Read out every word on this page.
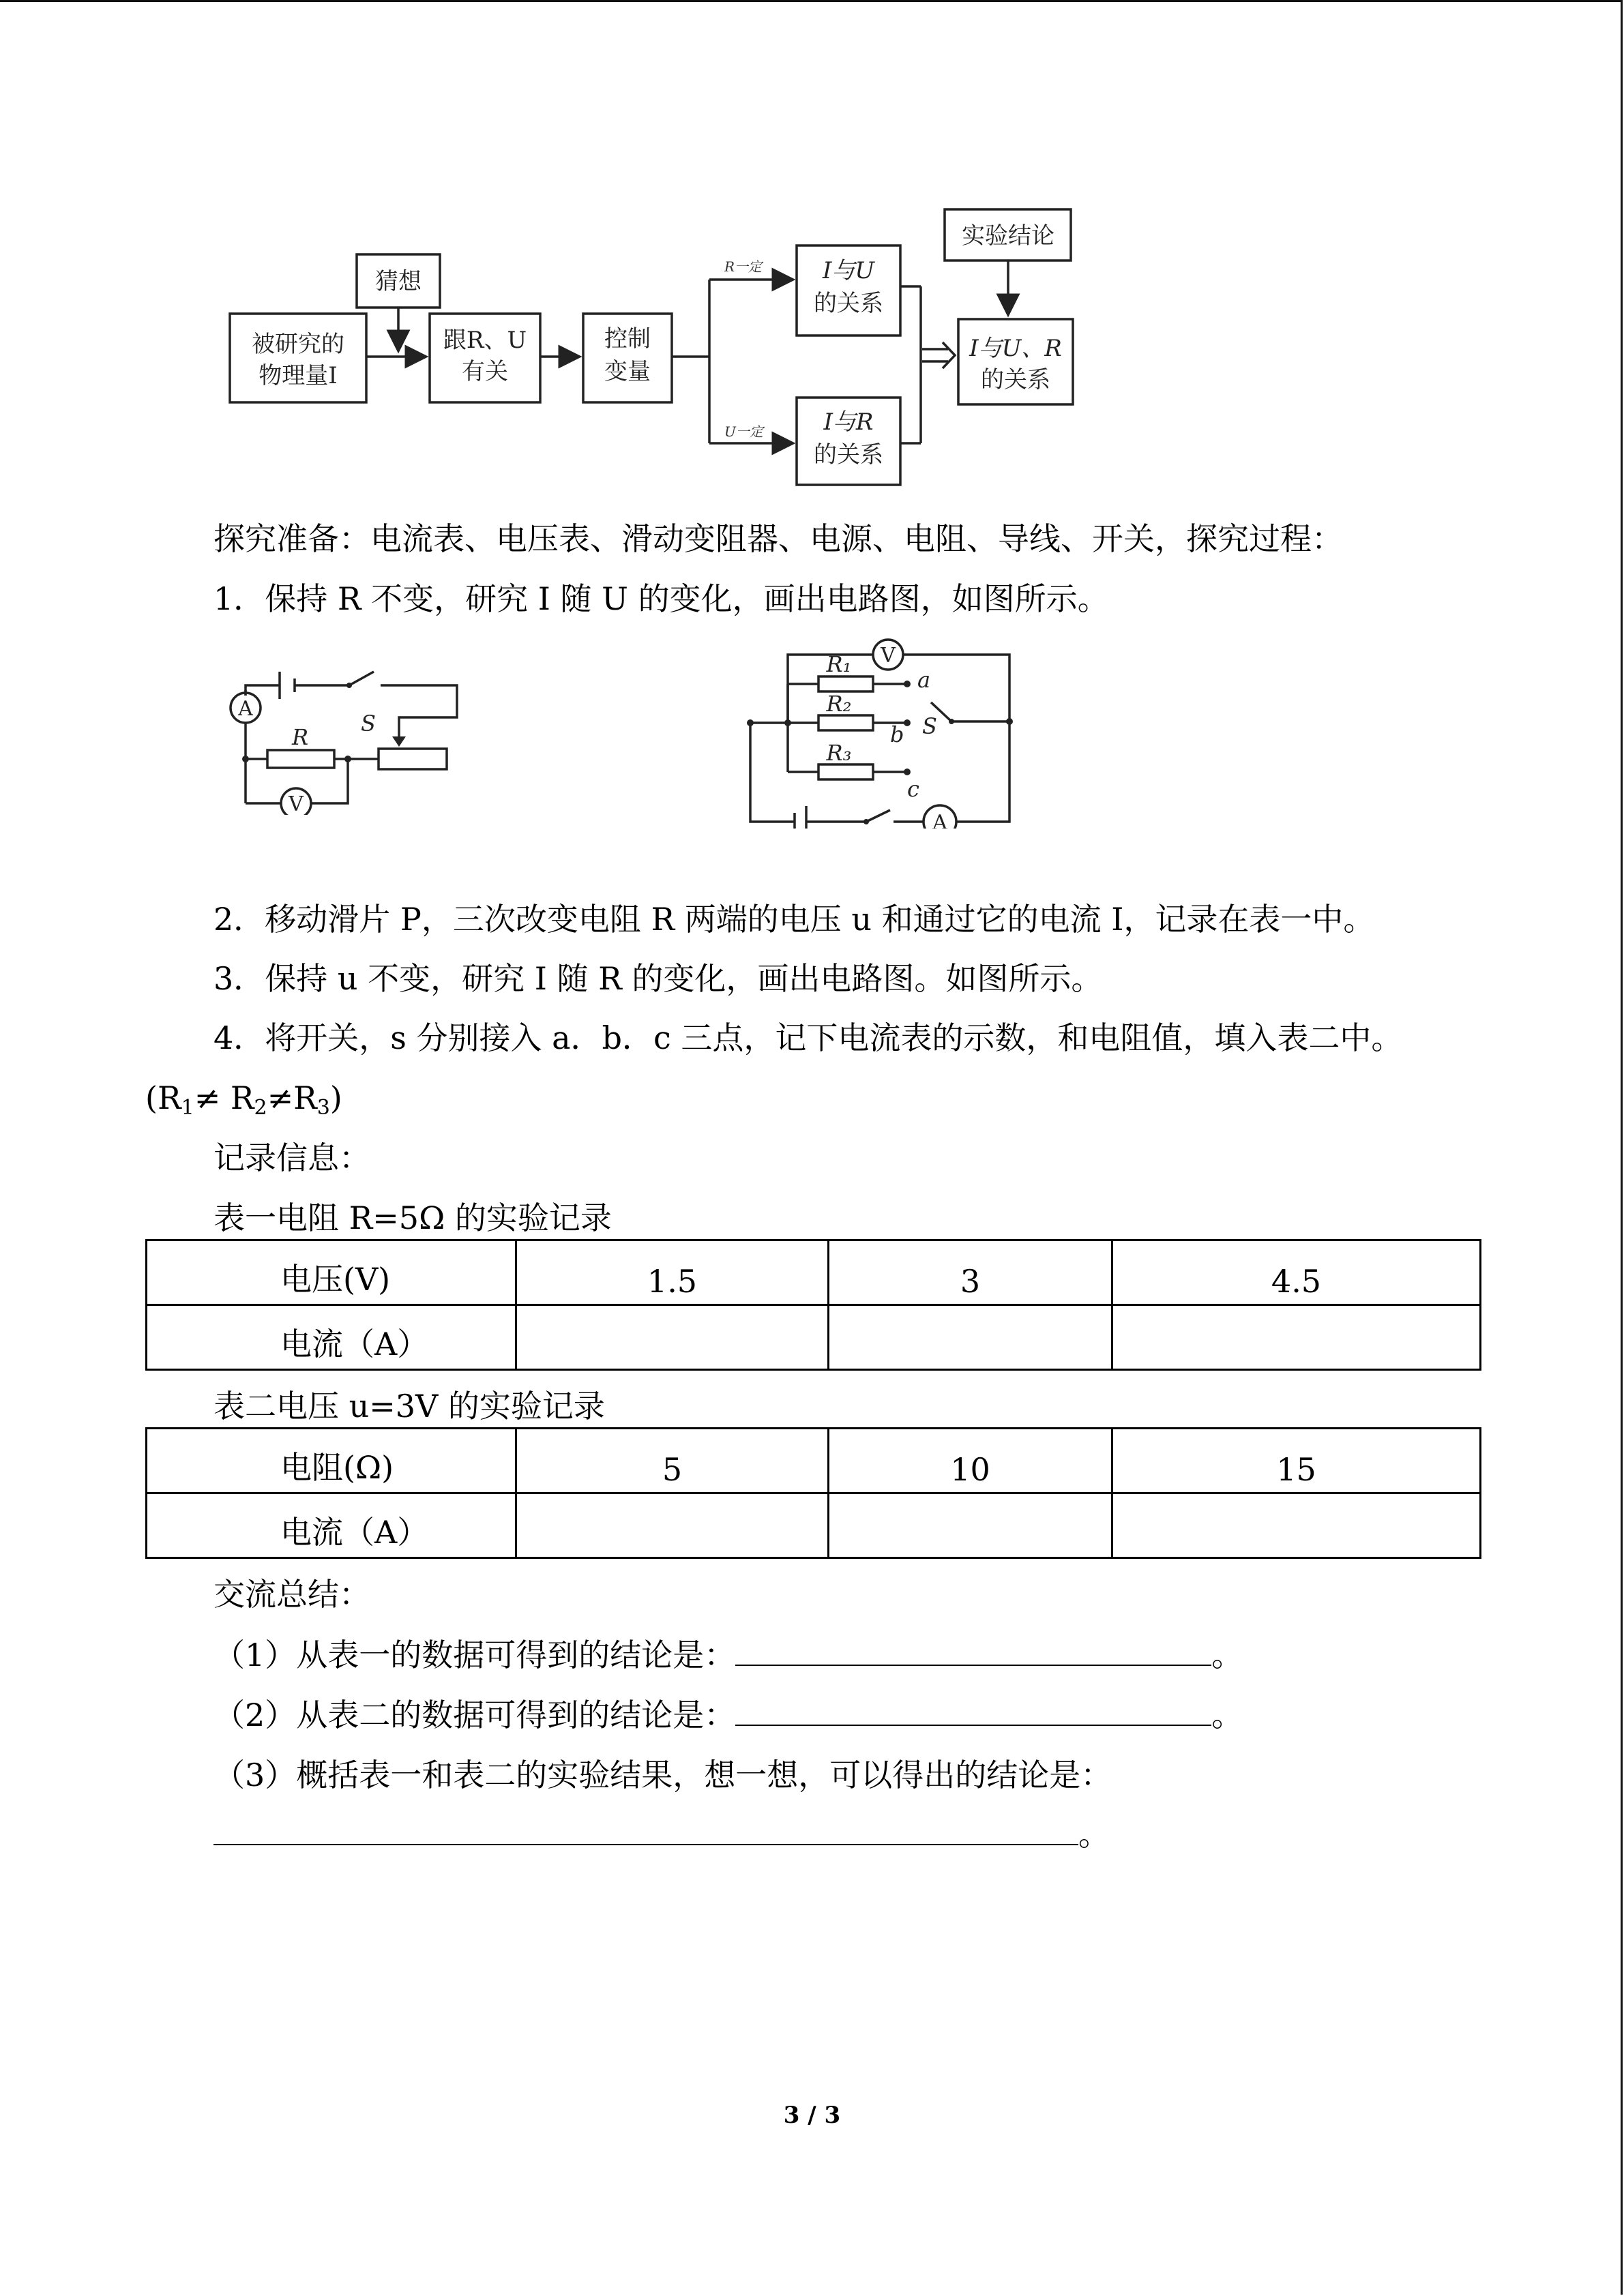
猜想
被研究的
物理量I
跟R、U
有关
控制
变量
R一定
U一定
I与U
的关系
I与R
的关系
实验结论
I与U、R
的关系
探究准备：电流表、电压表、滑动变阻器、电源、电阻、导线、开关，探究过程：
1．保持 R 不变，研究 I 随 U 的变化，画出电路图，如图所示。
A
R
V
S
V
R₁
a
R₂
b
R₃
c
S
A
2．移动滑片 P，三次改变电阻 R 两端的电压 u 和通过它的电流 I，记录在表一中。
3．保持 u 不变，研究 I 随 R 的变化，画出电路图。如图所示。
4．将开关，s 分别接入 a．b．c 三点，记下电流表的示数，和电阻值，填入表二中。
$(R_1\ne R_2\ne R_3)$
记录信息：
表一电阻 R=5Ω 的实验记录
电压(V)	1.5	3	4.5
电流（A）			
表二电压 u=3V 的实验记录
电阻(Ω)	5	10	15
电流（A）			
交流总结：
（1）从表一的数据可得到的结论是：	。
（2）从表二的数据可得到的结论是：	。
（3）概括表一和表二的实验结果，想一想，可以得出的结论是：
。
3 / 3
